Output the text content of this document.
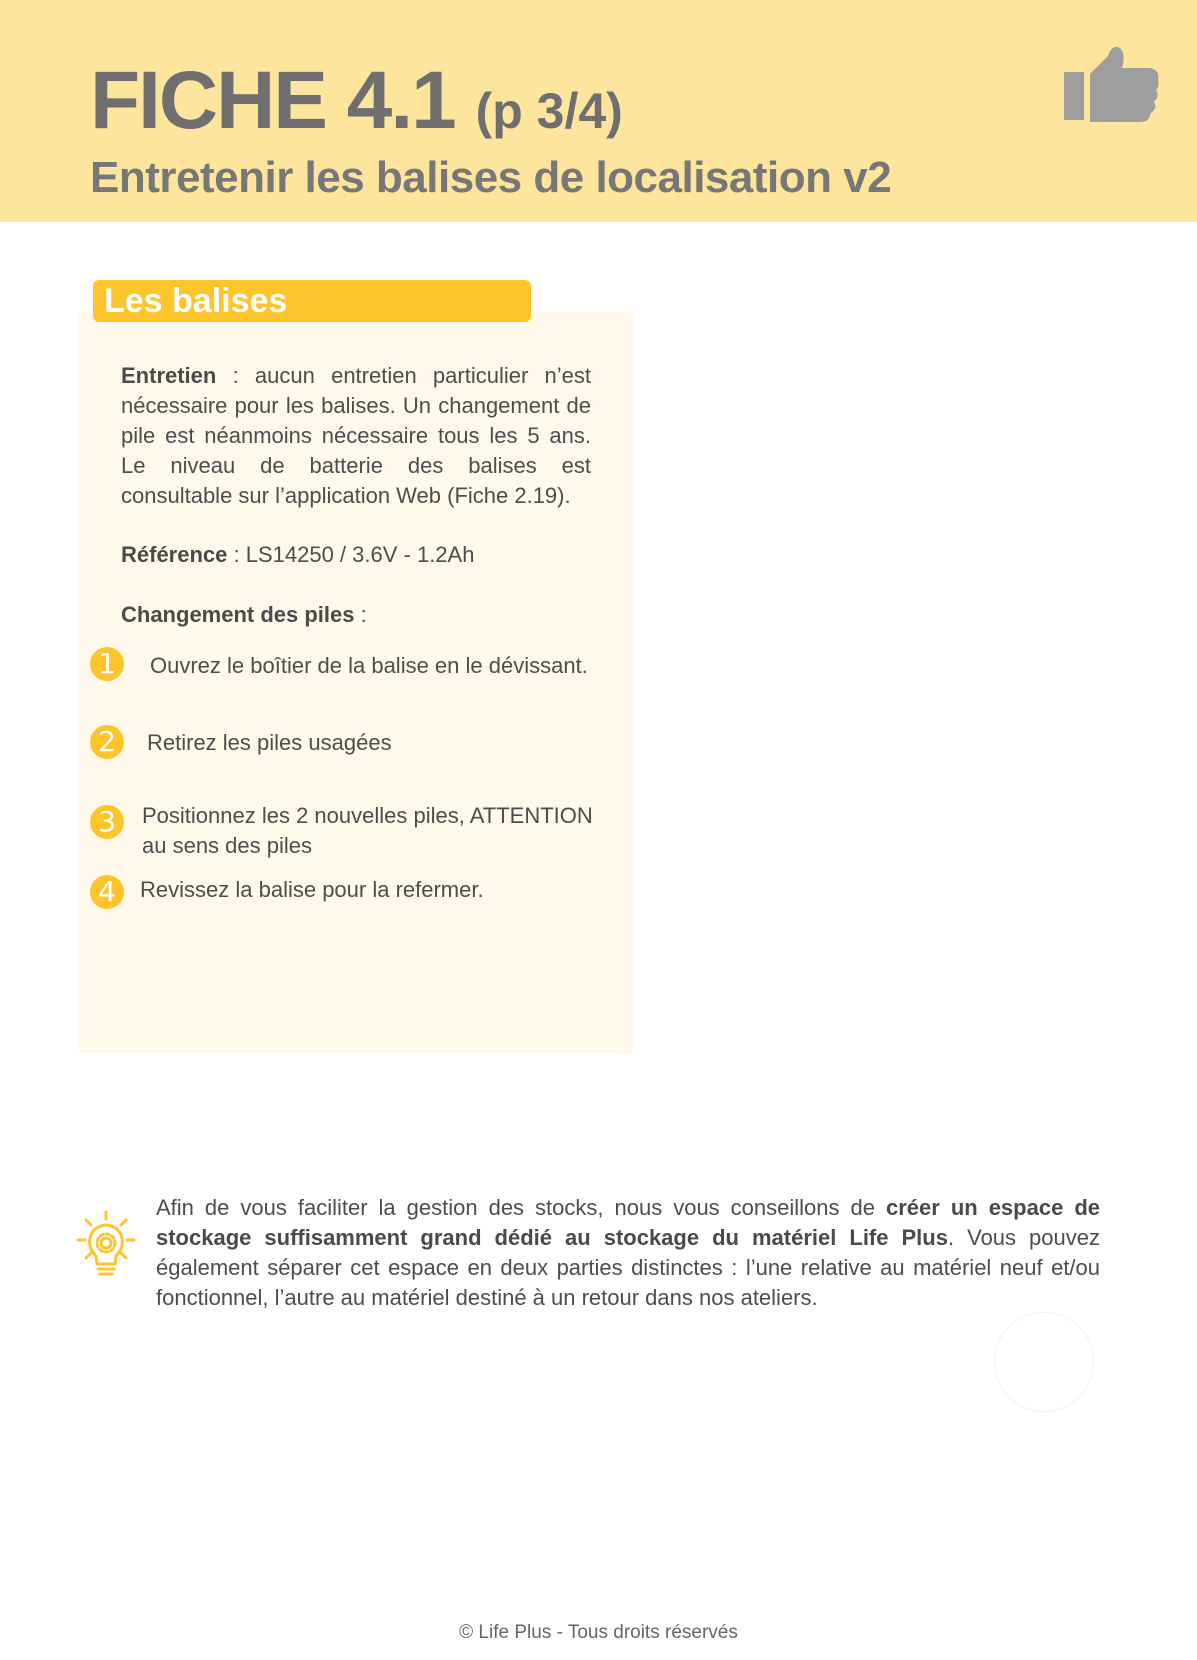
FICHE 4.1 (p 3/4)
Entretenir les balises de localisation v2
Les balises

Entretien : aucun entretien particulier n’est nécessaire pour les balises. Un changement de pile est néanmoins nécessaire tous les 5 ans. Le niveau de batterie des balises est consultable sur l’application Web (Fiche 2.19).

Référence : LS14250 / 3.6V - 1.2Ah

Changement des piles :

1	Ouvrez le boîtier de la balise en le dévissant.

2	Retirez les piles usagées

3	Positionnez les 2 nouvelles piles, ATTENTION au sens des piles

4	Revissez la balise pour la refermer.

Afin de vous faciliter la gestion des stocks, nous vous conseillons de créer un espace de stockage suffisamment grand dédié au stockage du matériel Life Plus. Vous pouvez également séparer cet espace en deux parties distinctes : l’une relative au matériel neuf et/ou fonctionnel, l’autre au matériel destiné à un retour dans nos ateliers.

© Life Plus - Tous droits réservés
